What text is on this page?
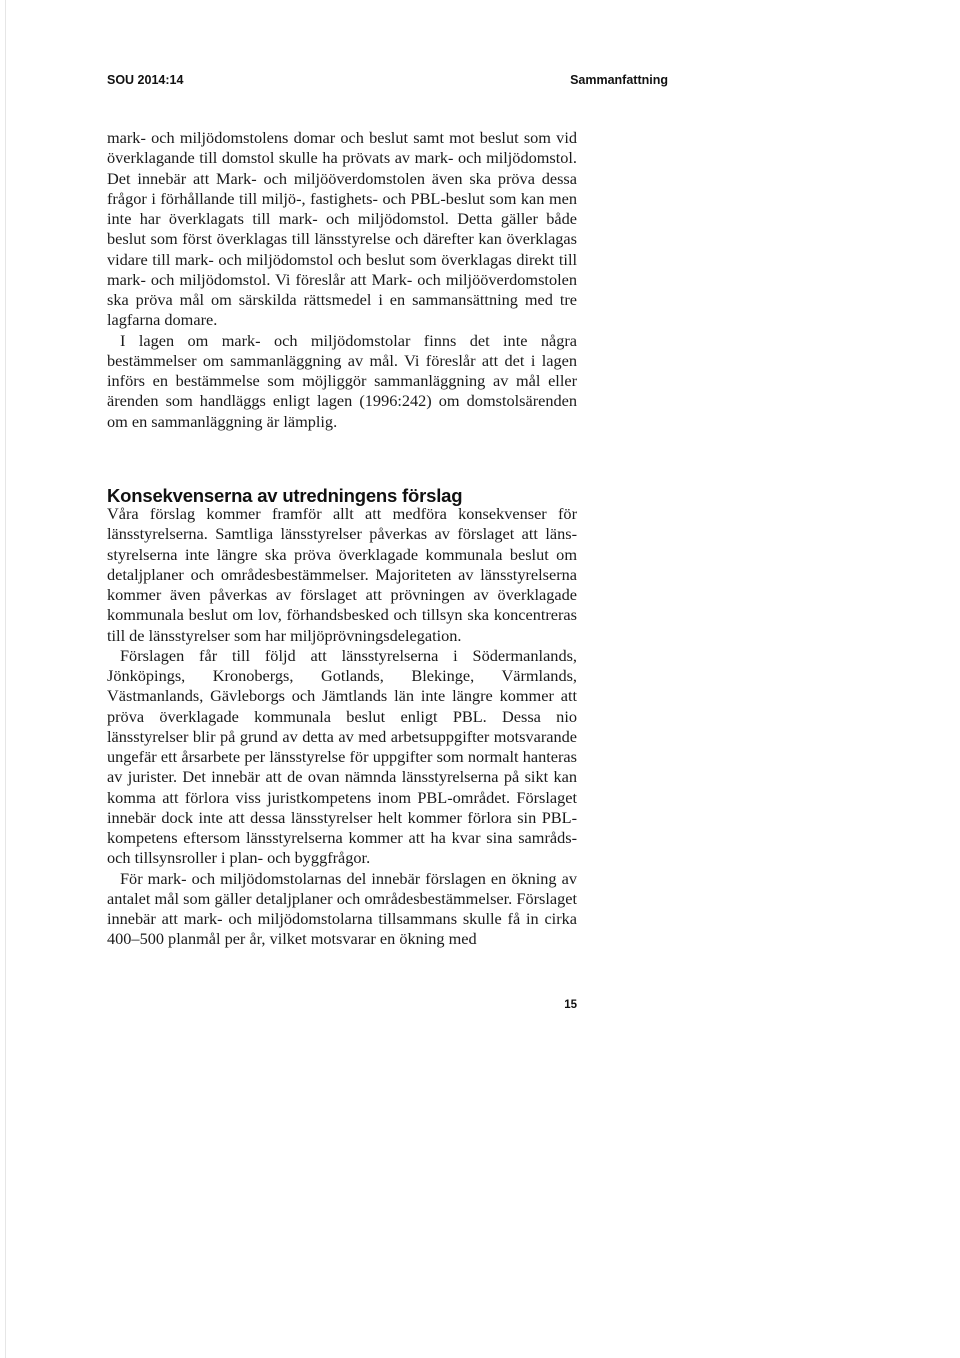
SOU 2014:14	Sammanfattning

mark- och miljödomstolens domar och beslut samt mot beslut som vid överklagande till domstol skulle ha prövats av mark- och miljödomstol. Det innebär att Mark- och miljööverdomstolen även ska pröva dessa frågor i förhållande till miljö-, fastighets- och PBL-beslut som kan men inte har överklagats till mark- och miljödomstol. Detta gäller både beslut som först överklagas till länsstyrelse och därefter kan överklagas vidare till mark- och miljödomstol och beslut som överklagas direkt till mark- och miljödomstol. Vi föreslår att Mark- och miljööverdomstolen ska pröva mål om särskilda rättsmedel i en sammansättning med tre lagfarna domare.

I lagen om mark- och miljödomstolar finns det inte några bestämmelser om sammanläggning av mål. Vi föreslår att det i lagen införs en bestämmelse som möjliggör sammanläggning av mål eller ärenden som handläggs enligt lagen (1996:242) om domstolsärenden om en sammanläggning är lämplig.

Konsekvenserna av utredningens förslag

Våra förslag kommer framför allt att medföra konsekvenser för länsstyrelserna. Samtliga länsstyrelser påverkas av förslaget att länsstyrelserna inte längre ska pröva överklagade kommunala beslut om detaljplaner och områdesbestämmelser. Majoriteten av länsstyrelserna kommer även påverkas av förslaget att prövningen av överklagade kommunala beslut om lov, förhandsbesked och tillsyn ska koncentreras till de länsstyrelser som har miljöprövningsdelegation.

Förslagen får till följd att länsstyrelserna i Södermanlands, Jönköpings, Kronobergs, Gotlands, Blekinge, Värmlands, Västmanlands, Gävleborgs och Jämtlands län inte längre kommer att pröva överklagade kommunala beslut enligt PBL. Dessa nio länsstyrelser blir på grund av detta av med arbetsuppgifter motsvarande ungefär ett årsarbete per länsstyrelse för uppgifter som normalt hanteras av jurister. Det innebär att de ovan nämnda länsstyrelserna på sikt kan komma att förlora viss juristkompetens inom PBL-området. Förslaget innebär dock inte att dessa länsstyrelser helt kommer förlora sin PBL-kompetens eftersom länsstyrelserna kommer att ha kvar sina samråds- och tillsynsroller i plan- och byggfrågor.

För mark- och miljödomstolarnas del innebär förslagen en ökning av antalet mål som gäller detaljplaner och områdesbestämmelser. Förslaget innebär att mark- och miljödomstolarna tillsammans skulle få in cirka 400–500 planmål per år, vilket motsvarar en ökning med

15
